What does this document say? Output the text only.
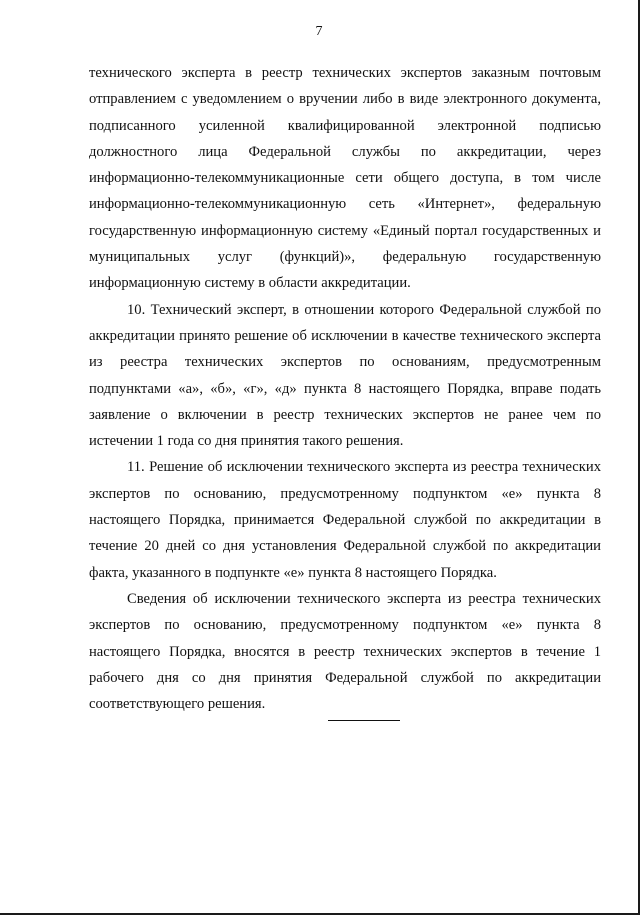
7

технического эксперта в реестр технических экспертов заказным почтовым отправлением с уведомлением о вручении либо в виде электронного документа, подписанного усиленной квалифицированной электронной подписью должностного лица Федеральной службы по аккредитации, через информационно-телекоммуникационные сети общего доступа, в том числе информационно-телекоммуникационную сеть «Интернет», федеральную государственную информационную систему «Единый портал государственных и муниципальных услуг (функций)», федеральную государственную информационную систему в области аккредитации.

10. Технический эксперт, в отношении которого Федеральной службой по аккредитации принято решение об исключении в качестве технического эксперта из реестра технических экспертов по основаниям, предусмотренным подпунктами «а», «б», «г», «д» пункта 8 настоящего Порядка, вправе подать заявление о включении в реестр технических экспертов не ранее чем по истечении 1 года со дня принятия такого решения.

11. Решение об исключении технического эксперта из реестра технических экспертов по основанию, предусмотренному подпунктом «е» пункта 8 настоящего Порядка, принимается Федеральной службой по аккредитации в течение 20 дней со дня установления Федеральной службой по аккредитации факта, указанного в подпункте «е» пункта 8 настоящего Порядка.

Сведения об исключении технического эксперта из реестра технических экспертов по основанию, предусмотренному подпунктом «е» пункта 8 настоящего Порядка, вносятся в реестр технических экспертов в течение 1 рабочего дня со дня принятия Федеральной службой по аккредитации соответствующего решения.
